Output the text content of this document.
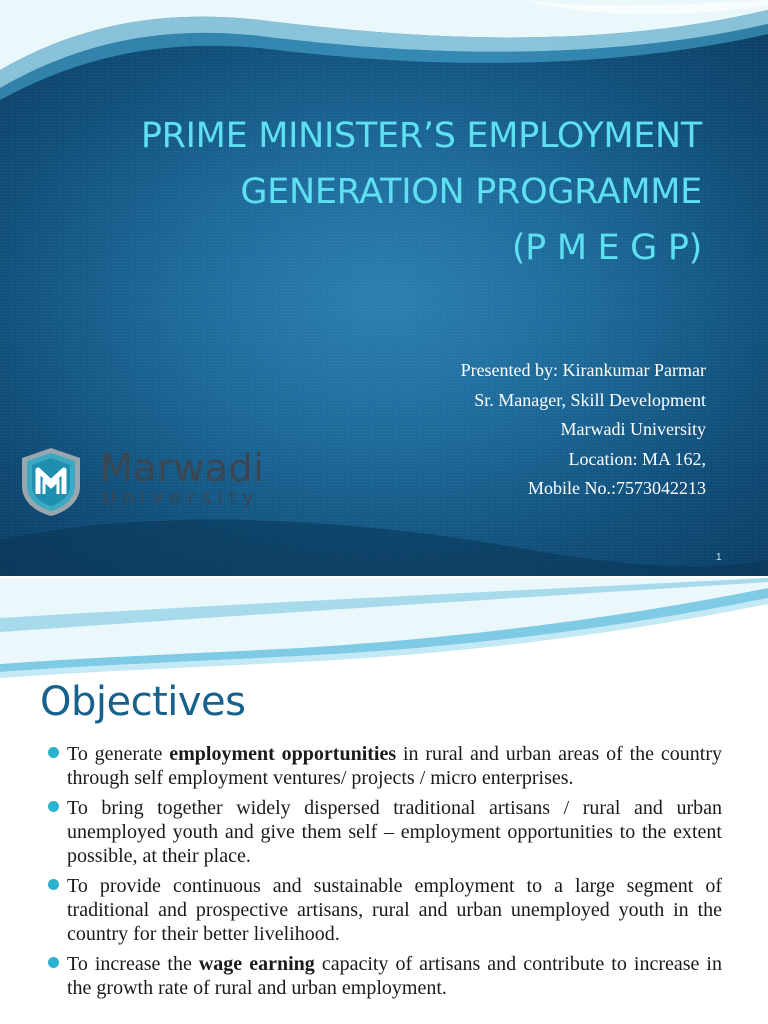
PRIME MINISTER’S EMPLOYMENT
GENERATION PROGRAMME
(P M E G P)
Presented by: Kirankumar Parmar
Sr. Manager, Skill Development
Marwadi University
Location: MA 162,
Mobile No.:7573042213
Marwadi
University
1
Objectives
To generate employment opportunities in rural and urban areas of the country through self employment ventures/ projects / micro enterprises.
To bring together widely dispersed traditional artisans / rural and urban unemployed youth and give them self – employment opportunities to the extent possible, at their place.
To provide continuous and sustainable employment to a large segment of traditional and prospective artisans, rural and urban unemployed youth in the country for their better livelihood.
To increase the wage earning capacity of artisans and contribute to increase in the growth rate of rural and urban employment.
